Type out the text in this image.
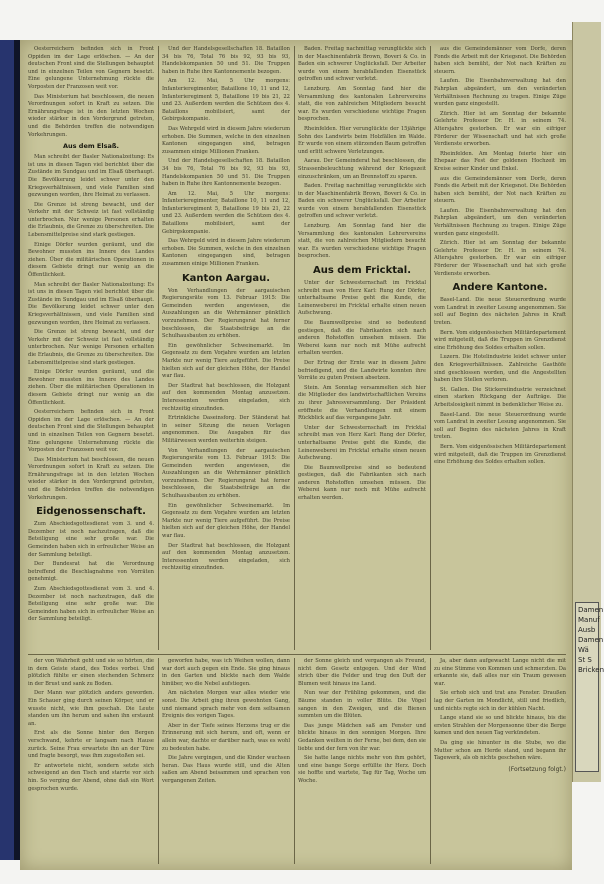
Oesterreichern befinden sich in Front Oppiden im der Lage erlöschen. — An der deutschen Front sind die Stellungen behauptet und in einzelnen Teilen von Gegnern besetzt. Eine gelungene Unternehmung rückte die Vorposten der Franzosen weit vor.

Das Ministerium hat beschlossen, die neuen Verordnungen sofort in Kraft zu setzen. Die Ernährungsfrage ist in den letzten Wochen wieder stärker in den Vordergrund getreten, und die Behörden treffen die notwendigen Vorkehrungen.

Aus dem Elsaß.

Man schreibt der Basler Nationalzeitung: Es ist uns in diesen Tagen viel berichtet über die Zustände im Sundgau und im Elsaß überhaupt. Die Bevölkerung leidet schwer unter den Kriegsverhältnissen, und viele Familien sind gezwungen worden, ihre Heimat zu verlassen.

Die Grenze ist streng bewacht, und der Verkehr mit der Schweiz ist fast vollständig unterbrochen. Nur wenige Personen erhalten die Erlaubnis, die Grenze zu überschreiten. Die Lebensmittelpreise sind stark gestiegen.

Einige Dörfer wurden geräumt, und die Bewohner mussten ins Innere des Landes ziehen. Über die militärischen Operationen in diesem Gebiete dringt nur wenig an die Öffentlichkeit.

Man schreibt der Basler Nationalzeitung: Es ist uns in diesen Tagen viel berichtet über die Zustände im Sundgau und im Elsaß überhaupt. Die Bevölkerung leidet schwer unter den Kriegsverhältnissen, und viele Familien sind gezwungen worden, ihre Heimat zu verlassen.

Die Grenze ist streng bewacht, und der Verkehr mit der Schweiz ist fast vollständig unterbrochen. Nur wenige Personen erhalten die Erlaubnis, die Grenze zu überschreiten. Die Lebensmittelpreise sind stark gestiegen.

Einige Dörfer wurden geräumt, und die Bewohner mussten ins Innere des Landes ziehen. Über die militärischen Operationen in diesem Gebiete dringt nur wenig an die Öffentlichkeit.

Oesterreichern befinden sich in Front Oppiden im der Lage erlöschen. — An der deutschen Front sind die Stellungen behauptet und in einzelnen Teilen von Gegnern besetzt. Eine gelungene Unternehmung rückte die Vorposten der Franzosen weit vor.

Das Ministerium hat beschlossen, die neuen Verordnungen sofort in Kraft zu setzen. Die Ernährungsfrage ist in den letzten Wochen wieder stärker in den Vordergrund getreten, und die Behörden treffen die notwendigen Vorkehrungen.

Eidgenossenschaft.

Zum Abschiedsgottesdienst vom 3. und 4. Dezember ist noch nachzutragen, daß die Beteiligung eine sehr große war. Die Gemeinden haben sich in erfreulicher Weise an der Sammlung beteiligt.

Der Bundesrat hat die Verordnung betreffend die Beschlagnahme von Vorräten genehmigt.

Zum Abschiedsgottesdienst vom 3. und 4. Dezember ist noch nachzutragen, daß die Beteiligung eine sehr große war. Die Gemeinden haben sich in erfreulicher Weise an der Sammlung beteiligt.

Und der Handelsgesellschaften 18. Bataillon 34 bis 76, Total 76 bis 92, 93 bis 93, Handelskompanien 50 und 51. Die Truppen haben in Ruhe ihre Kantonnemente bezogen.

Am 12. Mai, 5 Uhr morgens: Infanterieregimenter, Bataillone 10, 11 und 12, Infanterieregiment 5, Bataillone 19 bis 21, 22 und 23. Außerdem werden die Schützen des 4. Bataillons mobilisiert, samt der Gebirgskompanie.

Das Wehrgeld wird in diesem Jahre wiederum erhoben. Die Summen, welche in den einzelnen Kantonen eingegangen sind, betragen zusammen einige Millionen Franken.

Und der Handelsgesellschaften 18. Bataillon 34 bis 76, Total 76 bis 92, 93 bis 93, Handelskompanien 50 und 51. Die Truppen haben in Ruhe ihre Kantonnemente bezogen.

Am 12. Mai, 5 Uhr morgens: Infanterieregimenter, Bataillone 10, 11 und 12, Infanterieregiment 5, Bataillone 19 bis 21, 22 und 23. Außerdem werden die Schützen des 4. Bataillons mobilisiert, samt der Gebirgskompanie.

Das Wehrgeld wird in diesem Jahre wiederum erhoben. Die Summen, welche in den einzelnen Kantonen eingegangen sind, betragen zusammen einige Millionen Franken.

Kanton Aargau.

Von Verhandlungen der aargauischen Regierungsräte vom 13. Februar 1915: Die Gemeinden werden angewiesen, die Auszahlungen an die Wehrmänner pünktlich vorzunehmen. Der Regierungsrat hat ferner beschlossen, die Staatsbeiträge an die Schulhausbauten zu erhöhen.

Ein gewöhnlicher Schweinemarkt. Im Gegensatz zu dem Vorjahre wurden am letzten Markte nur wenig Tiere aufgeführt. Die Preise hielten sich auf der gleichen Höhe, der Handel war flau.

Der Stadtrat hat beschlossen, die Holzgant auf den kommenden Montag anzusetzen. Interessenten werden eingeladen, sich rechtzeitig einzufinden.

Ertrinkliche Daseinsforg. Der Ständerat hat in seiner Sitzung die neuen Vorlagen angenommen. Die Ausgaben für das Militärwesen werden weiterhin steigen.

Von Verhandlungen der aargauischen Regierungsräte vom 13. Februar 1915: Die Gemeinden werden angewiesen, die Auszahlungen an die Wehrmänner pünktlich vorzunehmen. Der Regierungsrat hat ferner beschlossen, die Staatsbeiträge an die Schulhausbauten zu erhöhen.

Ein gewöhnlicher Schweinemarkt. Im Gegensatz zu dem Vorjahre wurden am letzten Markte nur wenig Tiere aufgeführt. Die Preise hielten sich auf der gleichen Höhe, der Handel war flau.

Der Stadtrat hat beschlossen, die Holzgant auf den kommenden Montag anzusetzen. Interessenten werden eingeladen, sich rechtzeitig einzufinden.

Baden. Freitag nachmittag verunglückte sich in der Maschinenfabrik Brown, Boveri & Co. in Baden ein schwerer Unglücksfall. Der Arbeiter wurde von einem herabfallenden Eisenstück getroffen und schwer verletzt.

Lenzburg. Am Sonntag fand hier die Versammlung des kantonalen Lehrervereins statt, die von zahlreichen Mitgliedern besucht war. Es wurden verschiedene wichtige Fragen besprochen.

Rheinfelden. Hier verunglückte der 15jährige Sohn des Landwirts beim Holzfällen im Walde. Er wurde von einem stürzenden Baum getroffen und erlitt schwere Verletzungen.

Aarau. Der Gemeinderat hat beschlossen, die Strassenbeleuchtung während der Kriegszeit einzuschränken, um an Brennstoff zu sparen.

Baden. Freitag nachmittag verunglückte sich in der Maschinenfabrik Brown, Boveri & Co. in Baden ein schwerer Unglücksfall. Der Arbeiter wurde von einem herabfallenden Eisenstück getroffen und schwer verletzt.

Lenzburg. Am Sonntag fand hier die Versammlung des kantonalen Lehrervereins statt, die von zahlreichen Mitgliedern besucht war. Es wurden verschiedene wichtige Fragen besprochen.

Aus dem Fricktal.

Unter der Schwesternschaft im Fricktal schreibt man von Herz Karl: Rung der Dörfer, unterhaltsame Preise geht die Kunde, die Leinenweberei im Fricktal erhalte einen neuen Aufschwung.

Die Baumwollpreise sind so bedeutend gestiegen, daß die Fabrikanten sich nach anderen Rohstoffen umsehen müssen. Die Weberei kann nur noch mit Mühe aufrecht erhalten werden.

Der Ertrag der Ernte war in diesem Jahre befriedigend, und die Landwirte konnten ihre Vorräte zu guten Preisen absetzen.

Stein. Am Sonntag versammelten sich hier die Mitglieder des landwirtschaftlichen Vereins zu ihrer Jahresversammlung. Der Präsident eröffnete die Verhandlungen mit einem Rückblick auf das vergangene Jahr.

Unter der Schwesternschaft im Fricktal schreibt man von Herz Karl: Rung der Dörfer, unterhaltsame Preise geht die Kunde, die Leinenweberei im Fricktal erhalte einen neuen Aufschwung.

Die Baumwollpreise sind so bedeutend gestiegen, daß die Fabrikanten sich nach anderen Rohstoffen umsehen müssen. Die Weberei kann nur noch mit Mühe aufrecht erhalten werden.

aus die Gemeindemänner vom Dorfe, deren Fonds die Arbeit mit der Kriegsnot. Die Behörden haben sich bemüht, der Not nach Kräften zu steuern.

Laufen. Die Eisenbahnverwaltung hat den Fahrplan abgeändert, um den veränderten Verhältnissen Rechnung zu tragen. Einige Züge wurden ganz eingestellt.

Zürich. Hier ist am Sonntag der bekannte Gelehrte Professor Dr. H. in seinem 74. Altersjahre gestorben. Er war ein eifriger Förderer der Wissenschaft und hat sich große Verdienste erworben.

Rheinfelden. Am Montag feierte hier ein Ehepaar das Fest der goldenen Hochzeit im Kreise seiner Kinder und Enkel.

aus die Gemeindemänner vom Dorfe, deren Fonds die Arbeit mit der Kriegsnot. Die Behörden haben sich bemüht, der Not nach Kräften zu steuern.

Laufen. Die Eisenbahnverwaltung hat den Fahrplan abgeändert, um den veränderten Verhältnissen Rechnung zu tragen. Einige Züge wurden ganz eingestellt.

Zürich. Hier ist am Sonntag der bekannte Gelehrte Professor Dr. H. in seinem 74. Altersjahre gestorben. Er war ein eifriger Förderer der Wissenschaft und hat sich große Verdienste erworben.

Andere Kantone.

Basel-Land. Die neue Steuerordnung wurde vom Landrat in zweiter Lesung angenommen. Sie soll auf Beginn des nächsten Jahres in Kraft treten.

Bern. Vom eidgenössischen Militärdepartement wird mitgeteilt, daß die Truppen im Grenzdienst eine Erhöhung des Soldes erhalten sollen.

Luzern. Die Hotelindustrie leidet schwer unter den Kriegsverhältnissen. Zahlreiche Gasthöfe sind geschlossen worden, und die Angestellten haben ihre Stellen verloren.

St. Gallen. Die Stickereiindustrie verzeichnet einen starken Rückgang der Aufträge. Die Arbeitslosigkeit nimmt in bedenklicher Weise zu.

Basel-Land. Die neue Steuerordnung wurde vom Landrat in zweiter Lesung angenommen. Sie soll auf Beginn des nächsten Jahres in Kraft treten.

Bern. Vom eidgenössischen Militärdepartement wird mitgeteilt, daß die Truppen im Grenzdienst eine Erhöhung des Soldes erhalten sollen.

der von Wahrheit geht und sie so hörten, die in dem Geiste stand, des Todes vorbei. Und plötzlich fühlte er einen stechenden Schmerz in der Brust und sank zu Boden.

Der Mann war plötzlich anders geworden. Ein Schauer ging durch seinen Körper, und er wusste nicht, wie ihm geschah. Die Leute standen um ihn herum und sahen ihn erstaunt an.

Erst als die Sonne hinter den Bergen verschwand, kehrte er langsam nach Hause zurück. Seine Frau erwartete ihn an der Türe und fragte besorgt, was ihm zugestoßen sei.

Er antwortete nicht, sondern setzte sich schweigend an den Tisch und starrte vor sich hin. So verging der Abend, ohne daß ein Wort gesprochen wurde.

geworfen habe, was ich Weihen wollen, dann war dort auch gegen ein Ende. Sie ging hinaus in den Garten und blickte nach dem Walde hinüber, wo die Nebel aufstiegen.

Am nächsten Morgen war alles wieder wie sonst. Die Arbeit ging ihren gewohnten Gang, und niemand sprach mehr von dem seltsamen Ereignis des vorigen Tages.

Aber in der Tiefe seines Herzens trug er die Erinnerung mit sich herum, und oft, wenn er allein war, dachte er darüber nach, was es wohl zu bedeuten habe.

Die Jahre vergingen, und die Kinder wuchsen heran. Das Haus wurde still, und die Alten saßen am Abend beisammen und sprachen von vergangenen Zeiten.

der Sonne gleich und vergangen als Freund, nicht dem Gesetz entgegen. Und der Wind strich über die Felder und trug den Duft der Blumen weit hinaus ins Land.

Nun war der Frühling gekommen, und die Bäume standen in voller Blüte. Die Vögel sangen in den Zweigen, und die Bienen summten um die Blüten.

Das junge Mädchen saß am Fenster und blickte hinaus in den sonnigen Morgen. Ihre Gedanken weilten in der Ferne, bei dem, den sie liebte und der fern von ihr war.

Sie hatte lange nichts mehr von ihm gehört, und eine bange Sorge erfüllte ihr Herz. Doch sie hoffte und wartete, Tag für Tag, Woche um Woche.

Ja, aber dann aufgewacht Lange nicht die mit zu eine Stimme von Kommen und schmerzten. Da erkannte sie, daß alles nur ein Traum gewesen war.

Sie erhob sich und trat ans Fenster. Draußen lag der Garten im Mondlicht, still und friedlich, und nichts regte sich in der kühlen Nacht.

Lange stand sie so und blickte hinaus, bis die ersten Strahlen der Morgensonne über die Berge kamen und den neuen Tag verkündeten.

Da ging sie hinunter in die Stube, wo die Mutter schon am Herde stand, und begann ihr Tagewerk, als ob nichts geschehen wäre.

(Fortsetzung folgt.)
Damen Manuf Ausb Damen Wä St S Bricken
